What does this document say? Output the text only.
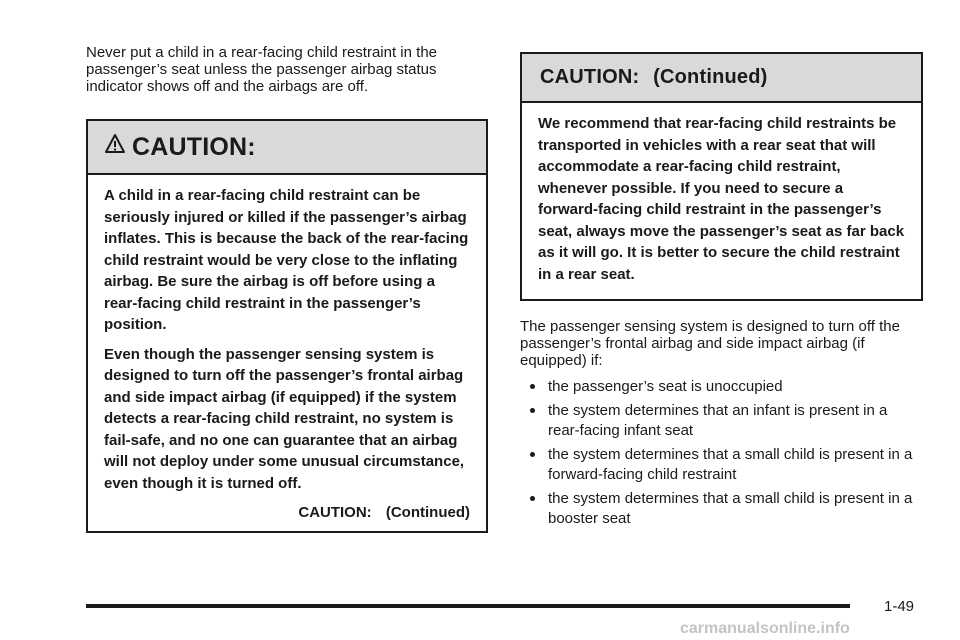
Never put a child in a rear-facing child restraint in the passenger’s seat unless the passenger airbag status indicator shows off and the airbags are off.

CAUTION:

A child in a rear-facing child restraint can be seriously injured or killed if the passenger’s airbag inflates. This is because the back of the rear-facing child restraint would be very close to the inflating airbag. Be sure the airbag is off before using a rear-facing child restraint in the passenger’s position.

Even though the passenger sensing system is designed to turn off the passenger’s frontal airbag and side impact airbag (if equipped) if the system detects a rear-facing child restraint, no system is fail-safe, and no one can guarantee that an airbag will not deploy under some unusual circumstance, even though it is turned off.

CAUTION: (Continued)

CAUTION: (Continued)

We recommend that rear-facing child restraints be transported in vehicles with a rear seat that will accommodate a rear-facing child restraint, whenever possible. If you need to secure a forward-facing child restraint in the passenger’s seat, always move the passenger’s seat as far back as it will go. It is better to secure the child restraint in a rear seat.

The passenger sensing system is designed to turn off the passenger’s frontal airbag and side impact airbag (if equipped) if:

the passenger’s seat is unoccupied
the system determines that an infant is present in a rear-facing infant seat
the system determines that a small child is present in a forward-facing child restraint
the system determines that a small child is present in a booster seat
1-49
carmanualsonline.info
